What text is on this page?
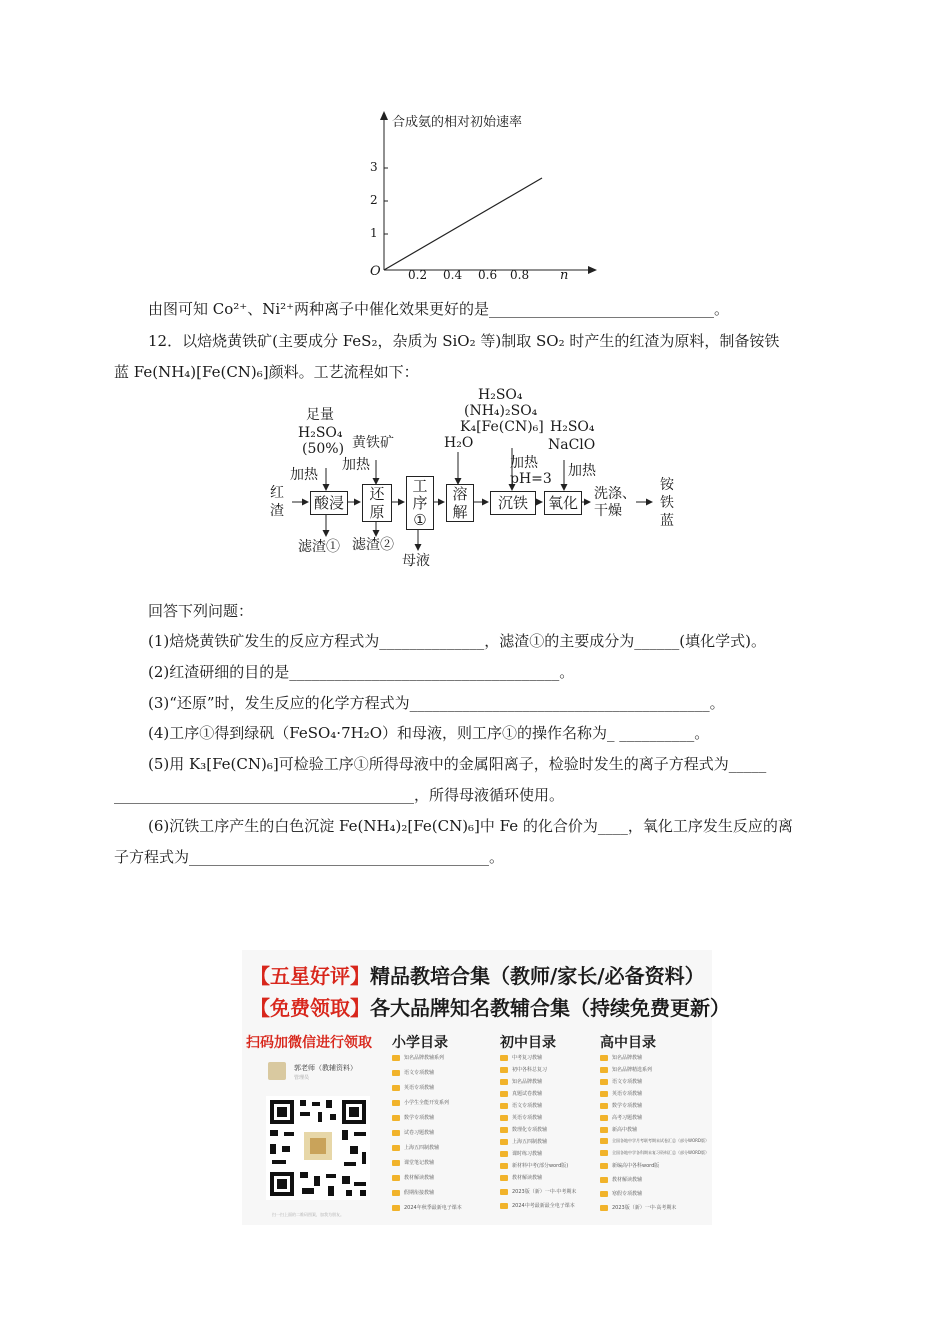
合成氨的相对初始速率
3
2
1
O 0.2 0.4 0.6 0.8 n
由图可知 Co²⁺、Ni²⁺两种离子中催化效果更好的是______________________________。
12．以焙烧黄铁矿(主要成分 FeS₂，杂质为 SiO₂ 等)制取 SO₂ 时产生的红渣为原料，制备铵铁
蓝 Fe(NH₄)[Fe(CN)₆]颜料。工艺流程如下：
红
渣
足量
H₂SO₄
(50%)
加热
酸浸
滤渣①
黄铁矿
加热
还
原
滤渣②
工
序
①
母液
H₂O
溶
解
H₂SO₄
(NH₄)₂SO₄
K₄[Fe(CN)₆]
加热
pH=3
沉铁
H₂SO₄
NaClO
加热
氧化 洗涤、
干燥
铵
铁
蓝
回答下列问题：
(1)焙烧黄铁矿发生的反应方程式为______________，滤渣①的主要成分为______(填化学式)。
(2)红渣研细的目的是____________________________________。
(3)“还原”时，发生反应的化学方程式为________________________________________。
(4)工序①得到绿矾（FeSO₄·7H₂O）和母液，则工序①的操作名称为_ __________。
(5)用 K₃[Fe(CN)₆]可检验工序①所得母液中的金属阳离子，检验时发生的离子方程式为_____
________________________________________，所得母液循环使用。
(6)沉铁工序产生的白色沉淀 Fe(NH₄)₂[Fe(CN)₆]中 Fe 的化合价为____，氧化工序发生反应的离
子方程式为________________________________________。
【五星好评】精品教培合集（教师/家长/必备资料）
【免费领取】各大品牌知名教辅合集（持续免费更新）
扫码加微信进行领取
郭老师（教辅资料）
管理员
扫一扫上面的二维码图案，加我为朋友。
小学目录
知名品牌教辅系列
语文专项教辅
英语专项教辅
小学生全能开发系列
数学专项教辅
试卷习题教辅
上海五四制教辅
课堂笔记教辅
教材解读教辅
假期衔接教辅
2024年秋季最新电子课本
初中目录
中考复习教辅
初中各科总复习
知名品牌教辅
真题试卷教辅
语文专项教辅
英语专项教辅
数理化专项教辅
上海五四制教辅
课时练习教辅
新材料中考(部分word版)
教材解读教辅
2023版（新）一中·中考期末
2024中考最新最全电子课本
高中目录
知名品牌教辅
知名品牌精选系列
语文专项教辅
英语专项教辅
数学专项教辅
高考习题教辅
新高中教辅
全国各地中学月考联考期末试卷汇总（部分WORD版）
全国各地中学各科期末复习资料汇总（部分WORD版）
新编高中各科word版
教材解读教辅
寒假专项教辅
2023版（新）一中·高考期末
